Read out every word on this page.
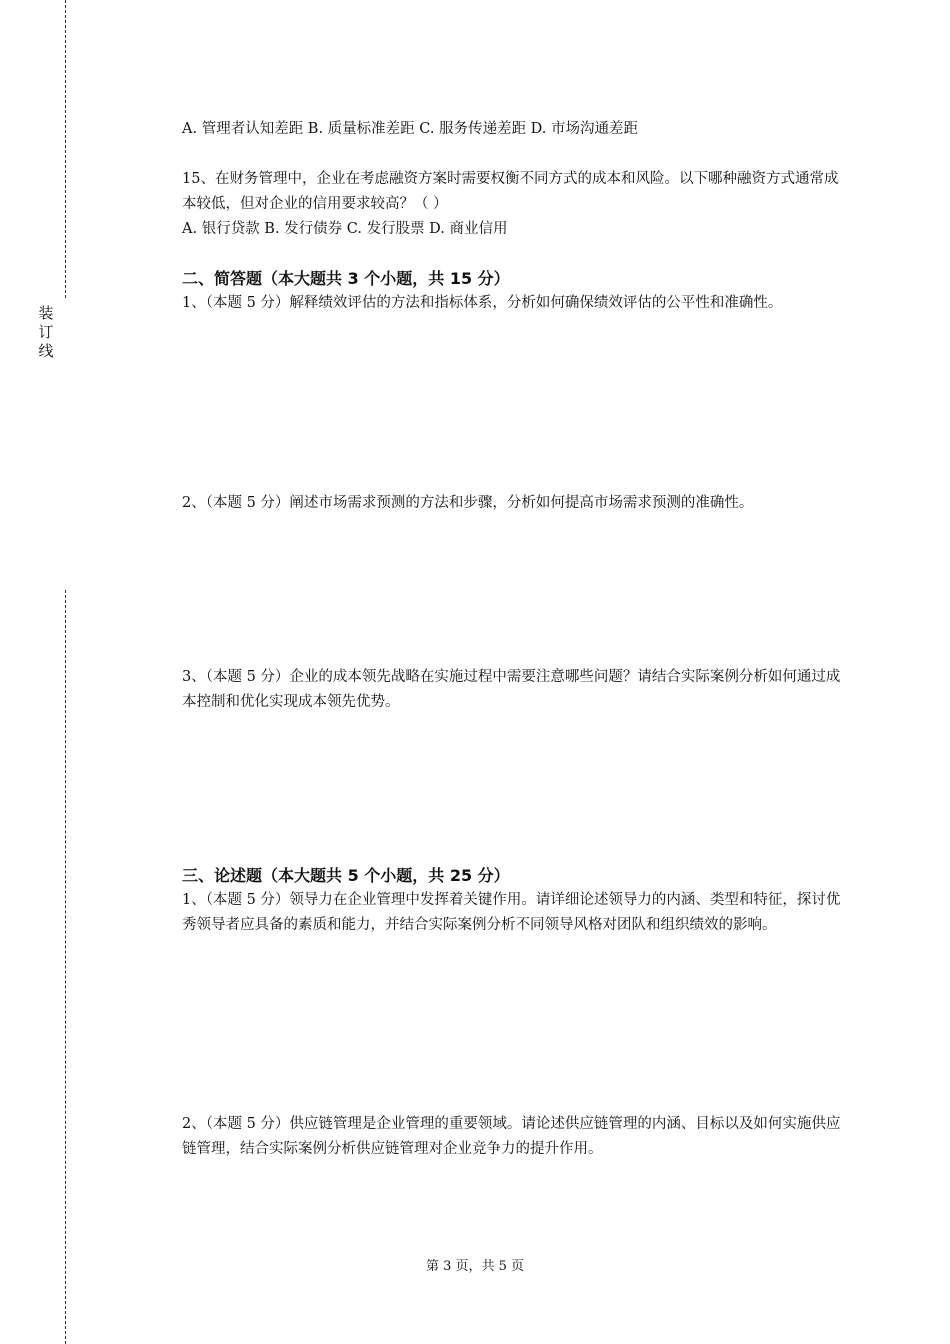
装
订
线
A. 管理者认知差距 B. 质量标准差距 C. 服务传递差距 D. 市场沟通差距
15、在财务管理中，企业在考虑融资方案时需要权衡不同方式的成本和风险。以下哪种融资方式通常成本较低，但对企业的信用要求较高？（ ）
A. 银行贷款 B. 发行债券 C. 发行股票 D. 商业信用
二、简答题（本大题共 3 个小题，共 15 分）
1、（本题 5 分）解释绩效评估的方法和指标体系，分析如何确保绩效评估的公平性和准确性。
2、（本题 5 分）阐述市场需求预测的方法和步骤，分析如何提高市场需求预测的准确性。
3、（本题 5 分）企业的成本领先战略在实施过程中需要注意哪些问题？请结合实际案例分析如何通过成本控制和优化实现成本领先优势。
三、论述题（本大题共 5 个小题，共 25 分）
1、（本题 5 分）领导力在企业管理中发挥着关键作用。请详细论述领导力的内涵、类型和特征，探讨优秀领导者应具备的素质和能力，并结合实际案例分析不同领导风格对团队和组织绩效的影响。
2、（本题 5 分）供应链管理是企业管理的重要领域。请论述供应链管理的内涵、目标以及如何实施供应链管理，结合实际案例分析供应链管理对企业竞争力的提升作用。
第 3 页，共 5 页
